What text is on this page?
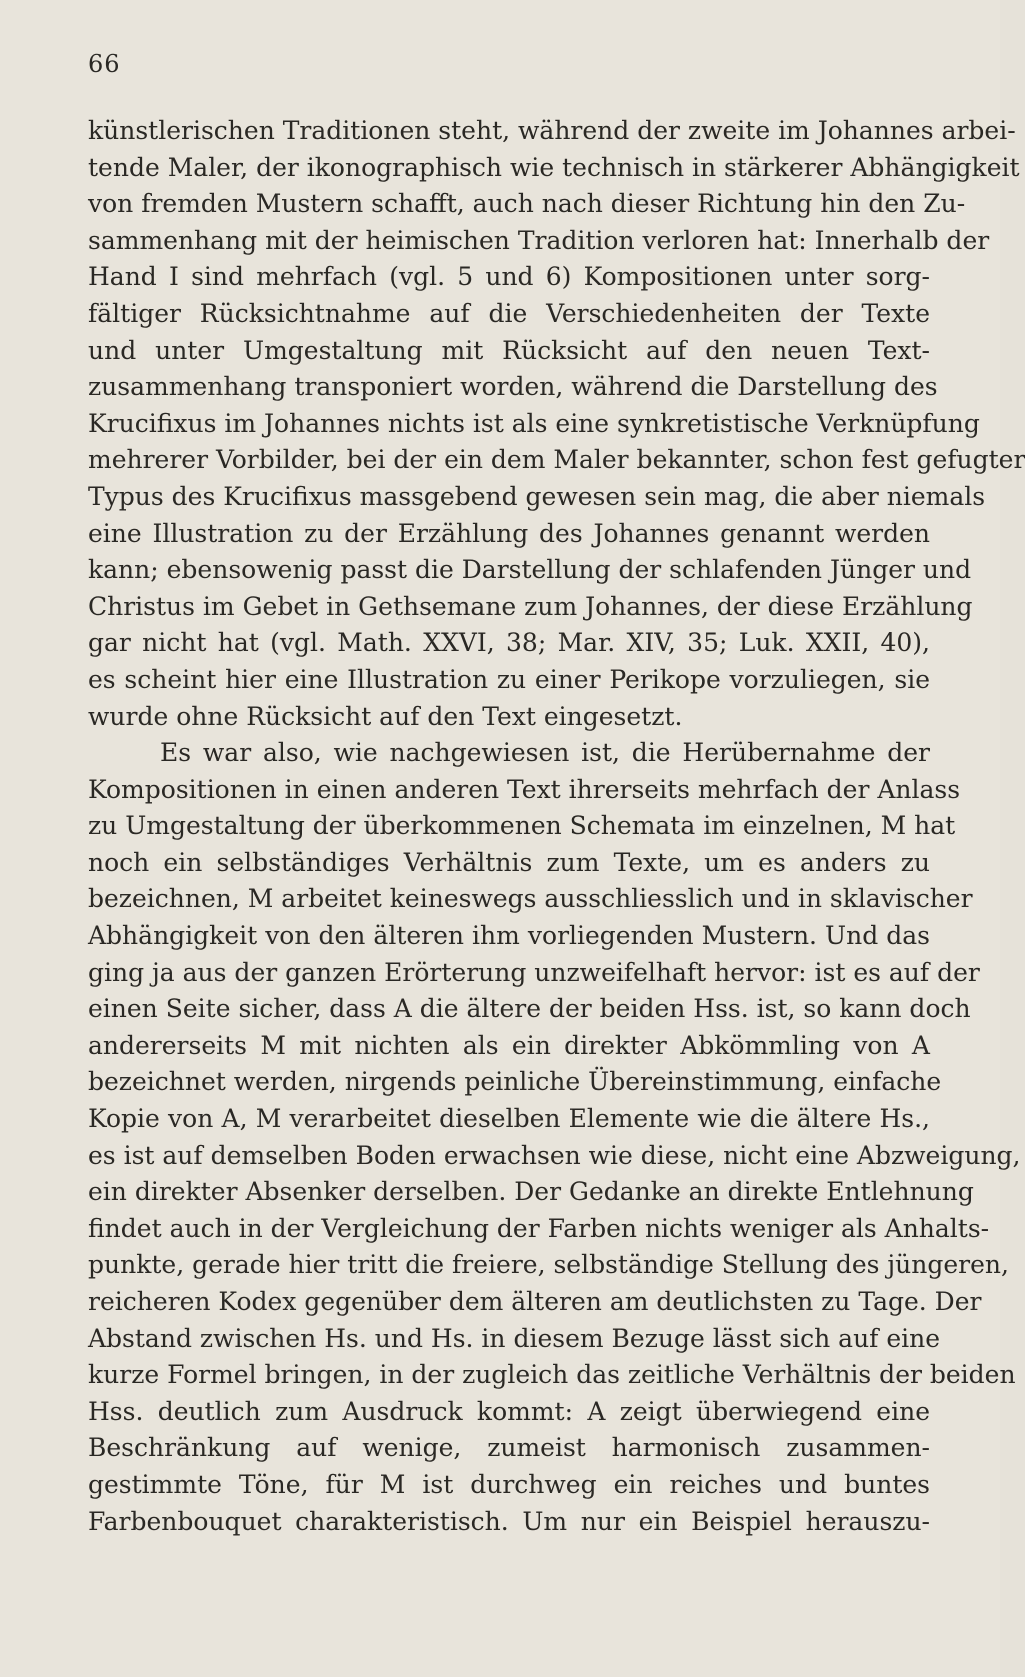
66
künstlerischen Traditionen steht, während der zweite im Johannes arbei-
tende Maler, der ikonographisch wie technisch in stärkerer Abhängigkeit
von fremden Mustern schafft, auch nach dieser Richtung hin den Zu-
sammenhang mit der heimischen Tradition verloren hat: Innerhalb der
Hand I sind mehrfach (vgl. 5 und 6) Kompositionen unter sorg-
fältiger Rücksichtnahme auf die Verschiedenheiten der Texte
und unter Umgestaltung mit Rücksicht auf den neuen Text-
zusammenhang transponiert worden, während die Darstellung des
Krucifixus im Johannes nichts ist als eine synkretistische Verknüpfung
mehrerer Vorbilder, bei der ein dem Maler bekannter, schon fest gefugter
Typus des Krucifixus massgebend gewesen sein mag, die aber niemals
eine Illustration zu der Erzählung des Johannes genannt werden
kann; ebensowenig passt die Darstellung der schlafenden Jünger und
Christus im Gebet in Gethsemane zum Johannes, der diese Erzählung
gar nicht hat (vgl. Math. XXVI, 38; Mar. XIV, 35; Luk. XXII, 40),
es scheint hier eine Illustration zu einer Perikope vorzuliegen, sie
wurde ohne Rücksicht auf den Text eingesetzt.
Es war also, wie nachgewiesen ist, die Herübernahme der
Kompositionen in einen anderen Text ihrerseits mehrfach der Anlass
zu Umgestaltung der überkommenen Schemata im einzelnen, M hat
noch ein selbständiges Verhältnis zum Texte, um es anders zu
bezeichnen, M arbeitet keineswegs ausschliesslich und in sklavischer
Abhängigkeit von den älteren ihm vorliegenden Mustern. Und das
ging ja aus der ganzen Erörterung unzweifelhaft hervor: ist es auf der
einen Seite sicher, dass A die ältere der beiden Hss. ist, so kann doch
andererseits M mit nichten als ein direkter Abkömmling von A
bezeichnet werden, nirgends peinliche Übereinstimmung, einfache
Kopie von A, M verarbeitet dieselben Elemente wie die ältere Hs.,
es ist auf demselben Boden erwachsen wie diese, nicht eine Abzweigung,
ein direkter Absenker derselben. Der Gedanke an direkte Entlehnung
findet auch in der Vergleichung der Farben nichts weniger als Anhalts-
punkte, gerade hier tritt die freiere, selbständige Stellung des jüngeren,
reicheren Kodex gegenüber dem älteren am deutlichsten zu Tage. Der
Abstand zwischen Hs. und Hs. in diesem Bezuge lässt sich auf eine
kurze Formel bringen, in der zugleich das zeitliche Verhältnis der beiden
Hss. deutlich zum Ausdruck kommt: A zeigt überwiegend eine
Beschränkung auf wenige, zumeist harmonisch zusammen-
gestimmte Töne, für M ist durchweg ein reiches und buntes
Farbenbouquet charakteristisch. Um nur ein Beispiel herauszu-
